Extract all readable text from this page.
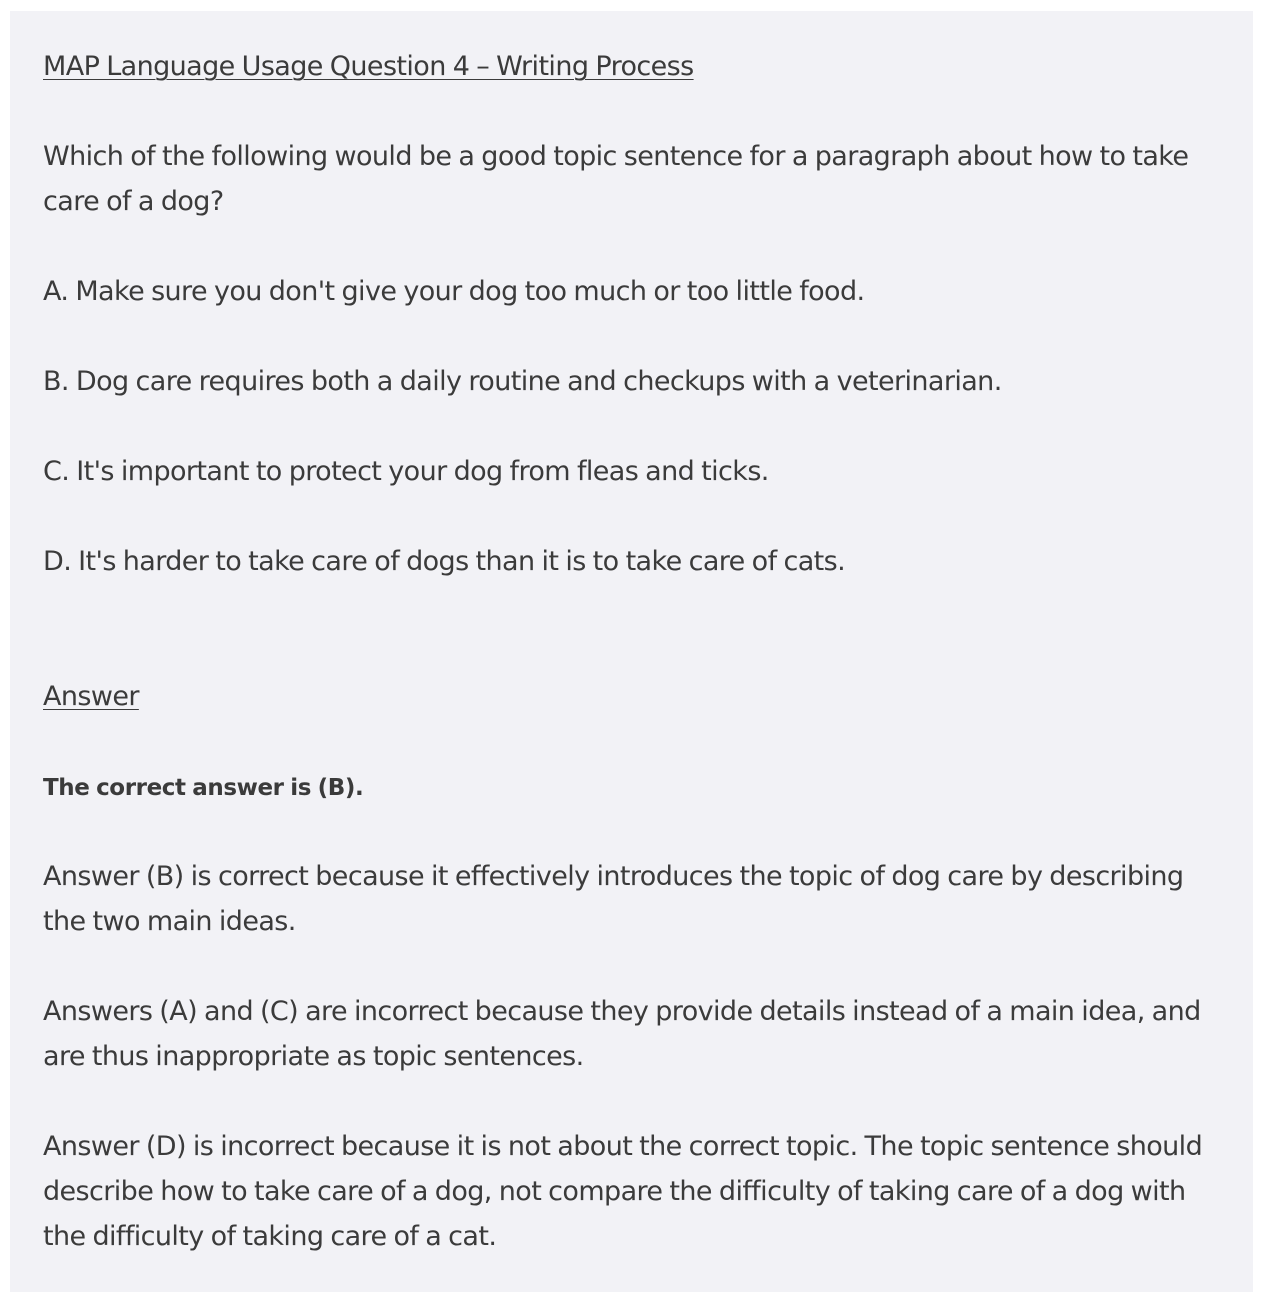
MAP Language Usage Question 4 – Writing Process
Which of the following would be a good topic sentence for a paragraph about how to take care of a dog?
A. Make sure you don't give your dog too much or too little food.
B. Dog care requires both a daily routine and checkups with a veterinarian.
C. It's important to protect your dog from fleas and ticks.
D. It's harder to take care of dogs than it is to take care of cats.
Answer
The correct answer is (B).
Answer (B) is correct because it effectively introduces the topic of dog care by describing the two main ideas.
Answers (A) and (C) are incorrect because they provide details instead of a main idea, and are thus inappropriate as topic sentences.
Answer (D) is incorrect because it is not about the correct topic. The topic sentence should describe how to take care of a dog, not compare the difficulty of taking care of a dog with the difficulty of taking care of a cat.
